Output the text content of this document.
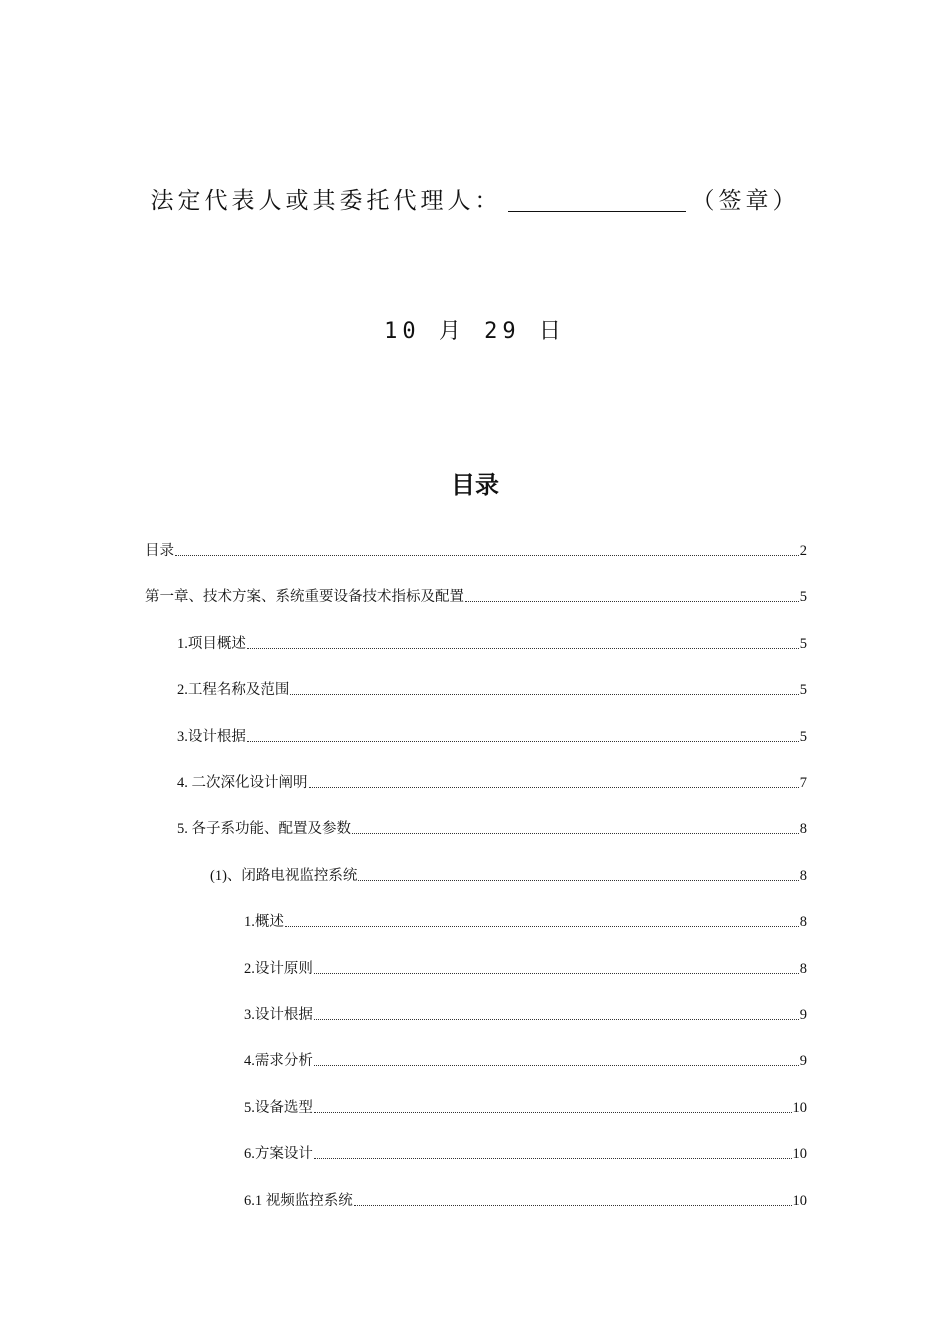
法定代表人或其委托代理人：	（签章）
10 月 29 日
目录
目录	2
第一章、技术方案、系统重要设备技术指标及配置	5
1.项目概述	5
2.工程名称及范围	5
3.设计根据	5
4. 二次深化设计阐明	7
5. 各子系功能、配置及参数	8
(1)、闭路电视监控系统	8
1.概述	8
2.设计原则	8
3.设计根据	9
4.需求分析	9
5.设备选型	10
6.方案设计	10
6.1 视频监控系统	10
